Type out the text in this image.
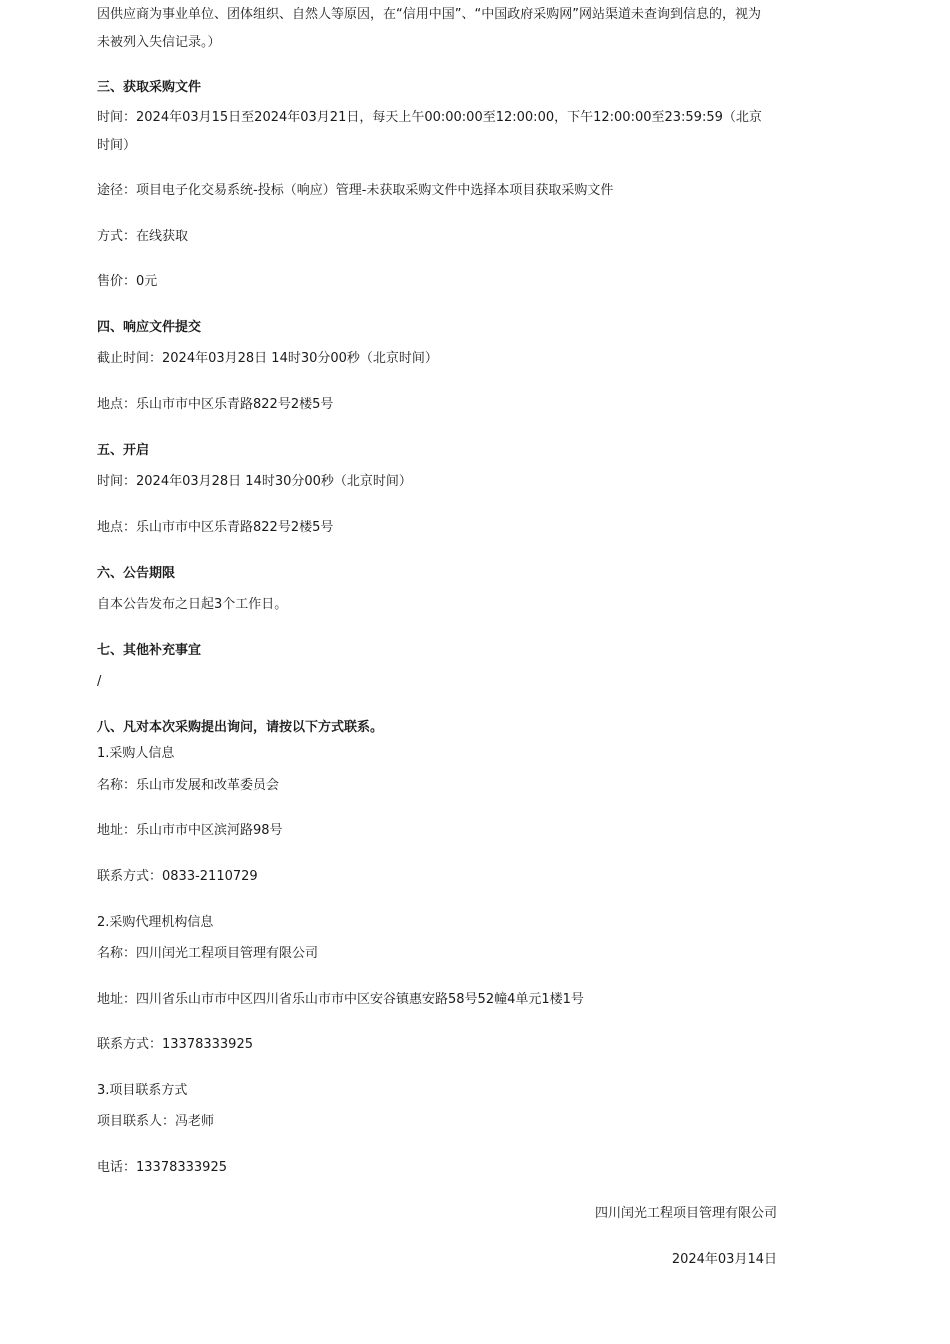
因供应商为事业单位、团体组织、自然人等原因，在“信用中国”、“中国政府采购网”网站渠道未查询到信息的，视为未被列入失信记录。）
三、获取采购文件
时间：2024年03月15日至2024年03月21日，每天上午00:00:00至12:00:00，下午12:00:00至23:59:59（北京时间）
途径：项目电子化交易系统-投标（响应）管理-未获取采购文件中选择本项目获取采购文件
方式：在线获取
售价：0元
四、响应文件提交
截止时间：2024年03月28日 14时30分00秒（北京时间）
地点：乐山市市中区乐青路822号2楼5号
五、开启
时间：2024年03月28日 14时30分00秒（北京时间）
地点：乐山市市中区乐青路822号2楼5号
六、公告期限
自本公告发布之日起3个工作日。
七、其他补充事宜
/
八、凡对本次采购提出询问，请按以下方式联系。
1.采购人信息
名称：乐山市发展和改革委员会
地址：乐山市市中区滨河路98号
联系方式：0833-2110729
2.采购代理机构信息
名称：四川闰光工程项目管理有限公司
地址：四川省乐山市市中区四川省乐山市市中区安谷镇惠安路58号52幢4单元1楼1号
联系方式：13378333925
3.项目联系方式
项目联系人：冯老师
电话：13378333925
四川闰光工程项目管理有限公司
2024年03月14日
